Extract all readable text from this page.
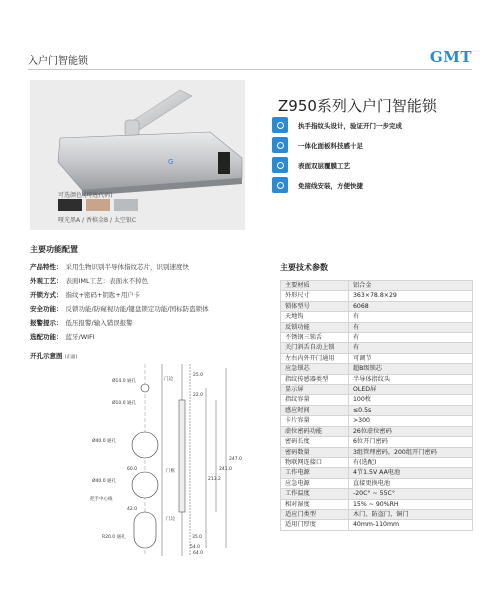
入户门智能锁	GMT
G
可选颜色 (可选代码)
哑光黑A / 香槟金B / 太空银C
Z950系列入户门智能锁
执手指纹头设计，验证开门一步完成
一体化面板科技感十足
表面双层覆膜工艺
免接线安装，方便快捷
主要功能配置
产品特性： 采用生物识别半导体指纹芯片，识别速度快
外观工艺： 表面IML工艺：表面永不掉色
开锁方式： 指纹+密码+钥匙+用户卡
安全功能： 反锁功能/防窥视功能/键盘锁定功能/国标防盗锁体
报警提示： 低压报警/输入错误报警
选配功能： 蓝牙/WIFI
开孔示意图 (正面)
Ø14.0 通孔
Ø40.0 通孔
Ø40.0 通孔
把手中心线
R20.0 通孔
Ø10.0 通孔
门边
门框
门边
25.0
22.0
60.0
42.0
247.0
241.0
213.2
35.0
54.0
64.0
主要技术参数
主要材质	铝合金
外形尺寸	363×78.8×29
锁体型号	6068
天地钩	有
反锁功能	有
不锈钢三锁舌	有
关门斜舌自动上锁	有
左右内外开门通用	可调节
应急锁芯	超B级锁芯
指纹传感器类型	半导体指纹头
显示屏	OLED屏
指纹容量	100枚
感应时间	≤0.5s
卡片容量	>300
虚位密码功能	26位虚位密码
密码长度	6位开门密码
密码数量	3组管理密码，200组开门密码
物联网连接口	有(选配)
工作电源	4节1.5V AA电池
应急电源	直接更换电池
工作温度	-20C° ~ 55C°
相对湿度	15% ~ 90%RH
适应门类型	木门、防盗门、铜门
适用门厚度	40mm-110mm
